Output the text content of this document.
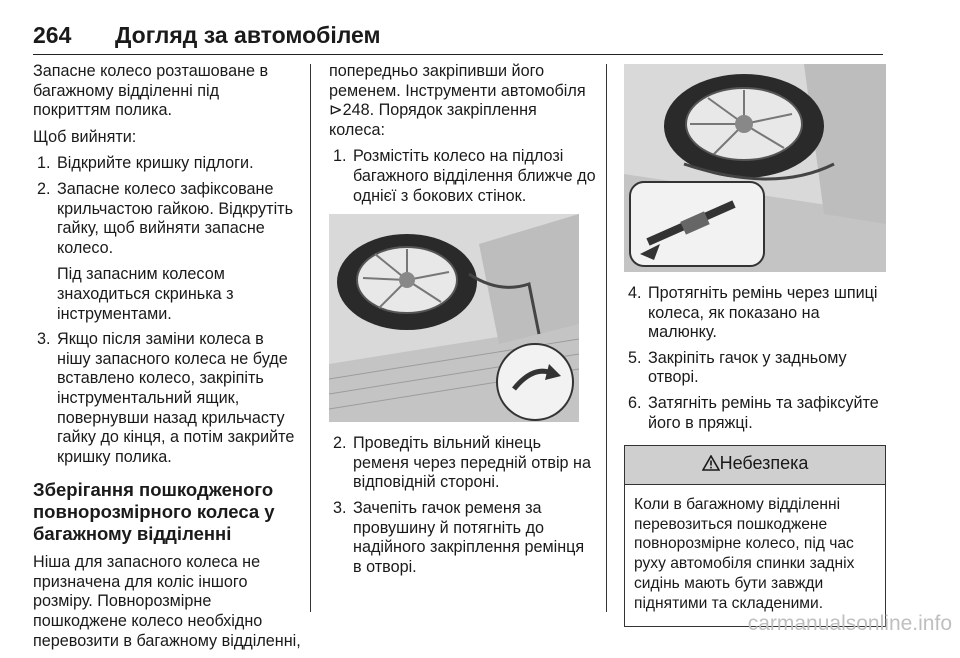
264 Догляд за автомобілем

Запасне колесо розташоване в багажному відділенні під покриттям полика.

Щоб вийняти:

1. Відкрийте кришку підлоги.
2. Запасне колесо зафіксоване крильчастою гайкою. Відкрутіть гайку, щоб вийняти запасне колесо.
Під запасним колесом знаходиться скринька з інструментами.
3. Якщо після заміни колеса в нішу запасного колеса не буде вставлено колесо, закріпіть інструментальний ящик, повернувши назад крильчасту гайку до кінця, а потім закрийте кришку полика.
Зберігання пошкодженого повнорозмірного колеса у багажному відділенні

Ніша для запасного колеса не призначена для коліс іншого розміру. Повнорозмірне пошкоджене колесо необхідно перевозити в багажному відділенні,

попередньо закріпивши його ременем. Інструменти автомобіля ⊳248. Порядок закріплення колеса:

1. Розмістіть колесо на підлозі багажного відділення ближче до однієї з бокових стінок.
2. Проведіть вільний кінець ременя через передній отвір на відповідній стороні.
3. Зачепіть гачок ременя за провушину й потягніть до надійного закріплення ремінця в отворі.
4. Протягніть ремінь через шпиці колеса, як показано на малюнку.
5. Закріпіть гачок у задньому отворі.
6. Затягніть ремінь та зафіксуйте його в пряжці.
Небезпека
Коли в багажному відділенні перевозиться пошкоджене повнорозмірне колесо, під час руху автомобіля спинки задніх сидінь мають бути завжди піднятими та складеними.
carmanualsonline.info
